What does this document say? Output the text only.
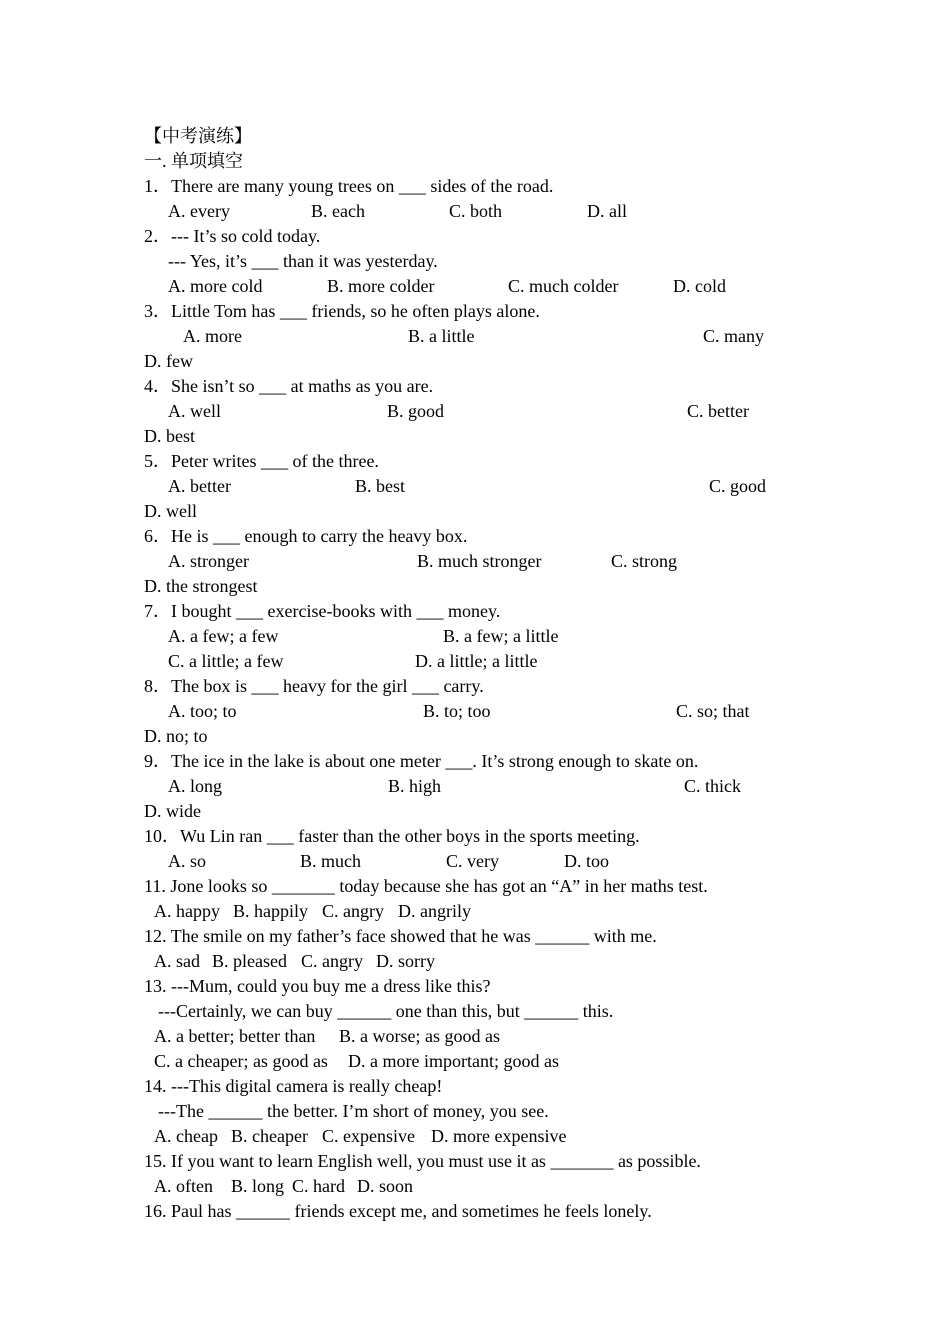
【中考演练】

一. 单项填空

1．There are many young trees on ___ sides of the road.

A. every

	B. each

	C. both

	D. all

2．--- It’s so cold today.

--- Yes, it’s ___ than it was yesterday.

A. more cold

	B. more colder

	C. much colder

	D. cold

3．Little Tom has ___ friends, so he often plays alone.

A. more

	B. a little

	C. many

D. few

4．She isn’t so ___ at maths as you are.

A. well

	B. good

	C. better

D. best

5．Peter writes ___ of the three.

A. better

	B. best

	C. good

D. well

6．He is ___ enough to carry the heavy box.

A. stronger

	B. much stronger

	C. strong

D. the strongest

7．I bought ___ exercise-books with ___ money.

A. a few; a few

	B. a few; a little

C. a little; a few

	D. a little; a little

8．The box is ___ heavy for the girl ___ carry.

A. too; to

	B. to; too

	C. so; that

D. no; to

9．The ice in the lake is about one meter ___. It’s strong enough to skate on.

A. long

	B. high

	C. thick

D. wide

10．Wu Lin ran ___ faster than the other boys in the sports meeting.

A. so

	B. much

	C. very

	D. too

11. Jone looks so _______ today because she has got an “A” in her maths test.

A. happy

B. happily

C. angry

D. angrily

12. The smile on my father’s face showed that he was ______ with me.

A. sad

B. pleased

C. angry

D. sorry

13. ---Mum, could you buy me a dress like this?

---Certainly, we can buy ______ one than this, but ______ this.

A. a better; better than

B. a worse; as good as

C. a cheaper; as good as

D. a more important; good as

14. ---This digital camera is really cheap!

---The ______ the better. I’m short of money, you see.

A. cheap

B. cheaper

C. expensive

D. more expensive

15. If you want to learn English well, you must use it as _______ as possible.

A. often

B. long

C. hard

D. soon

16. Paul has ______ friends except me, and sometimes he feels lonely.
